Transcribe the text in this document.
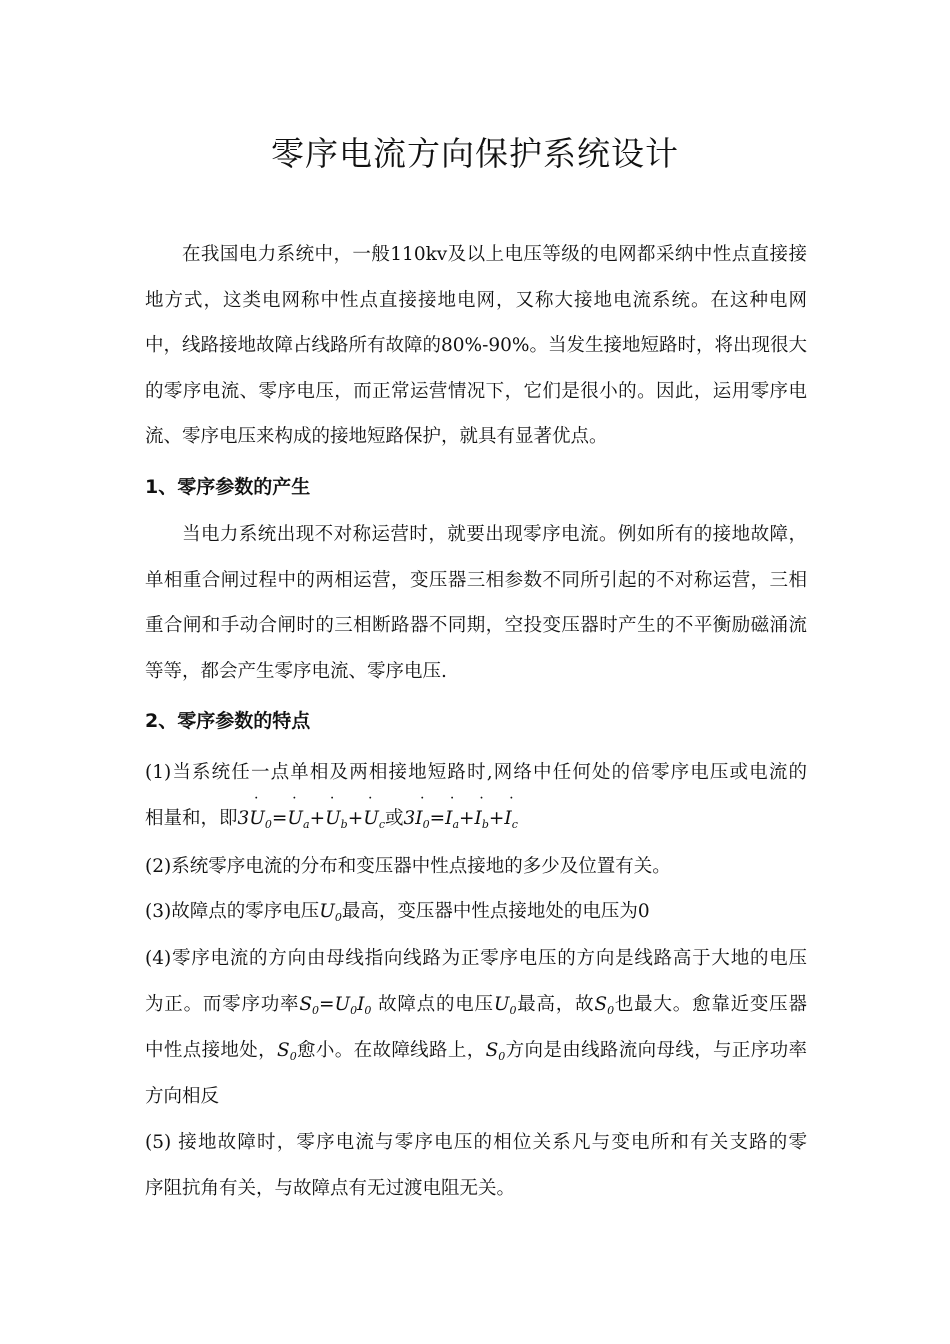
零序电流方向保护系统设计
在我国电力系统中，一般110kv及以上电压等级的电网都采纳中性点直接接地方式，这类电网称中性点直接接地电网，又称大接地电流系统。在这种电网中，线路接地故障占线路所有故障的80%-90%。当发生接地短路时，将出现很大的零序电流、零序电压，而正常运营情况下，它们是很小的。因此，运用零序电流、零序电压来构成的接地短路保护，就具有显著优点。
1、零序参数的产生
当电力系统出现不对称运营时，就要出现零序电流。例如所有的接地故障，单相重合闸过程中的两相运营，变压器三相参数不同所引起的不对称运营，三相重合闸和手动合闸时的三相断路器不同期，空投变压器时产生的不平衡励磁涌流等等，都会产生零序电流、零序电压.
2、零序参数的特点
(1)当系统任一点单相及两相接地短路时,网络中任何处的倍零序电压或电流的
相量和，即3˙ $U_0=˙$ $U_a+˙$ $U_b+˙$ $U_c$或3˙ $I_0=˙$ $I_a+˙$ $I_b+˙$ $I_c$
(2)系统零序电流的分布和变压器中性点接地的多少及位置有关。
(3)故障点的零序电压$U_0$最高，变压器中性点接地处的电压为0
(4)零序电流的方向由母线指向线路为正零序电压的方向是线路高于大地的电压
为正。而零序功率$S_0=U_0I_0$ 故障点的电压$U_0$最高，故$S_0$也最大。愈靠近变压器
中性点接地处，$S_0$愈小。在故障线路上，$S_0$方向是由线路流向母线，与正序功率
方向相反
(5) 接地故障时，零序电流与零序电压的相位关系凡与变电所和有关支路的零
序阻抗角有关，与故障点有无过渡电阻无关。
